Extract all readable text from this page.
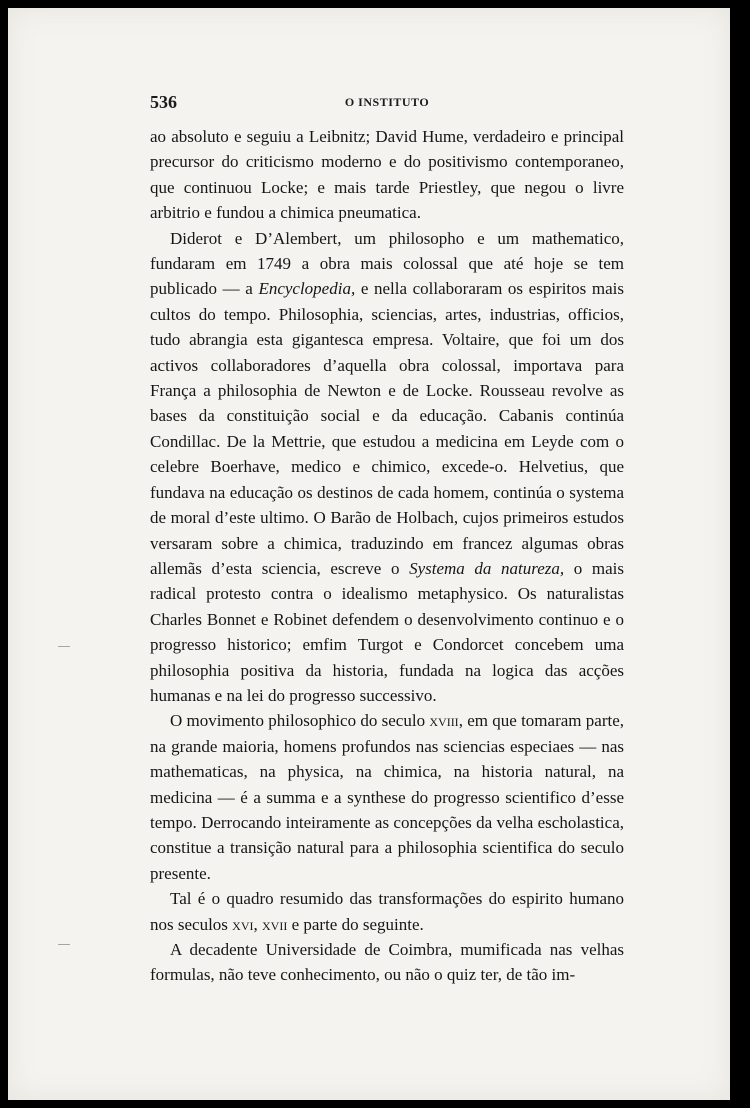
536	O INSTITUTO

ao absoluto e seguiu a Leibnitz; David Hume, verdadeiro e principal precursor do criticismo moderno e do positivismo contemporaneo, que continuou Locke; e mais tarde Priestley, que negou o livre arbitrio e fundou a chimica pneumatica.

Diderot e D’Alembert, um philosopho e um mathematico, fundaram em 1749 a obra mais colossal que até hoje se tem publicado — a Encyclopedia, e nella collaboraram os espiritos mais cultos do tempo. Philosophia, sciencias, artes, industrias, officios, tudo abrangia esta gigantesca empresa. Voltaire, que foi um dos activos collaboradores d’aquella obra colossal, importava para França a philosophia de Newton e de Locke. Rousseau revolve as bases da constituição social e da educação. Cabanis continúa Condillac. De la Mettrie, que estudou a medicina em Leyde com o celebre Boerhave, medico e chimico, excede-o. Helvetius, que fundava na educação os destinos de cada homem, continúa o systema de moral d’este ultimo. O Barão de Holbach, cujos primeiros estudos versaram sobre a chimica, traduzindo em francez algumas obras allemãs d’esta sciencia, escreve o Systema da natureza, o mais radical protesto contra o idealismo metaphysico. Os naturalistas Charles Bonnet e Robinet defendem o desenvolvimento continuo e o progresso historico; emfim Turgot e Condorcet concebem uma philosophia positiva da historia, fundada na logica das acções humanas e na lei do progresso successivo.

O movimento philosophico do seculo xviii, em que tomaram parte, na grande maioria, homens profundos nas sciencias especiaes — nas mathematicas, na physica, na chimica, na historia natural, na medicina — é a summa e a synthese do progresso scientifico d’esse tempo. Derrocando inteiramente as concepções da velha escholastica, constitue a transição natural para a philosophia scientifica do seculo presente.

Tal é o quadro resumido das transformações do espirito humano nos seculos xvi, xvii e parte do seguinte.

A decadente Universidade de Coimbra, mumificada nas velhas formulas, não teve conhecimento, ou não o quiz ter, de tão im-
